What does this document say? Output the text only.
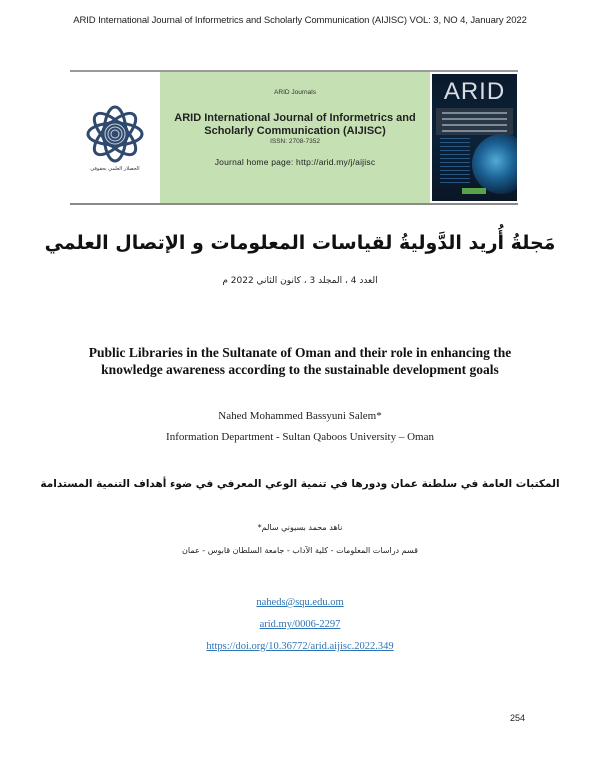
ARID International Journal of Informetrics and Scholarly Communication (AIJISC) VOL: 3, NO 4, January 2022
الحصلار العلمي بحقوقي
ARID Journals
ARID International Journal of Informetrics and
Scholarly Communication (AIJISC)
ISSN: 2708-7352
Journal home page: http://arid.my/j/aijisc
ARID
مَجلةُ أُريد الدَّوليةُ لقياسات المعلومات و الإتصال العلمي
العدد 4 ، المجلد 3 ، كانون الثاني 2022 م
Public Libraries in the Sultanate of Oman and their role in enhancing the
knowledge awareness according to the sustainable development goals
Nahed Mohammed Bassyuni Salem*
Information Department - Sultan Qaboos University – Oman
المكتبات العامة في سلطنة عمان ودورها في تنمية الوعي المعرفي في ضوء أهداف التنمية المستدامة
ناهد محمد بسيوني سالم*
قسم دراسات المعلومات - كلية الآداب - جامعة السلطان قابوس - عمان
naheds@squ.edu.om
arid.my/0006-2297
https://doi.org/10.36772/arid.aijisc.2022.349
254
